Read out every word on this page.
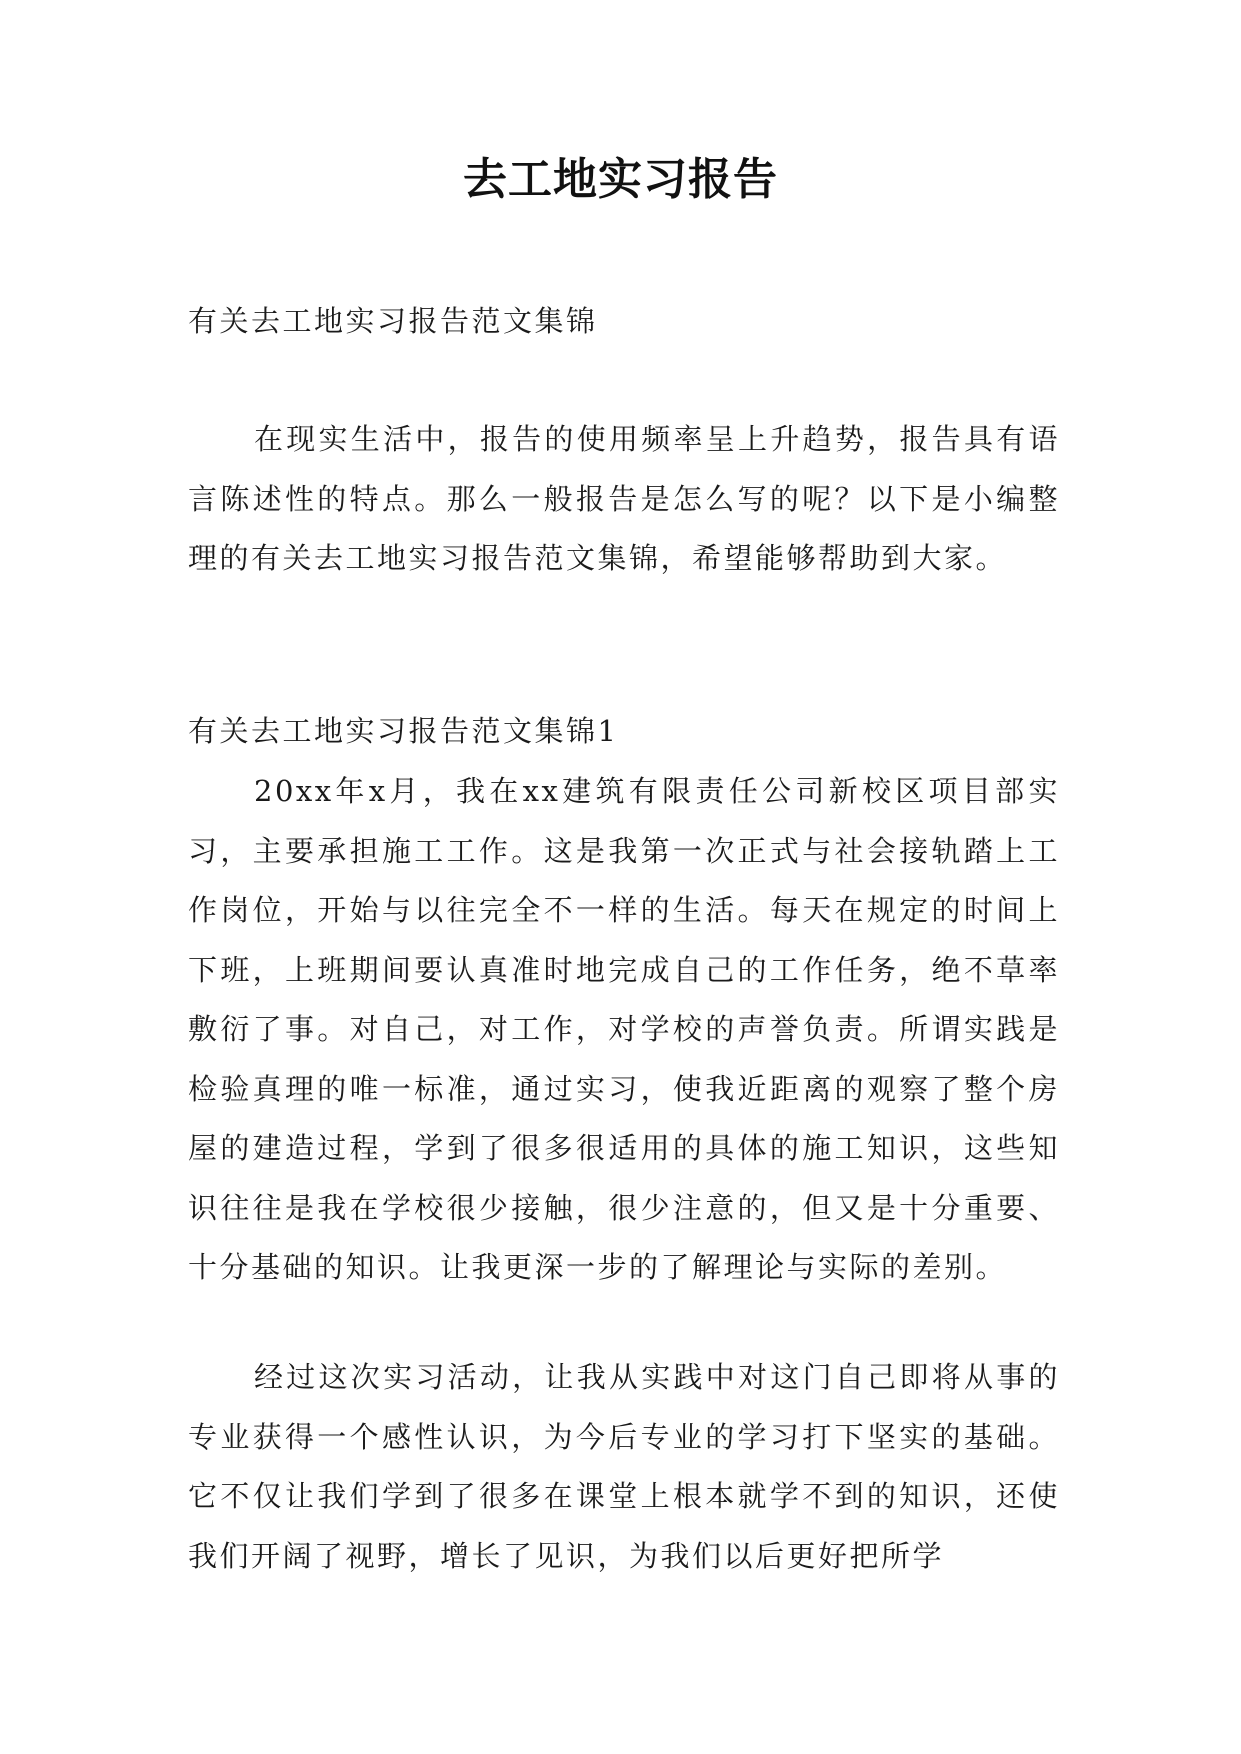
去工地实习报告

有关去工地实习报告范文集锦

在现实生活中，报告的使用频率呈上升趋势，报告具有语言陈述性的特点。那么一般报告是怎么写的呢？以下是小编整理的有关去工地实习报告范文集锦，希望能够帮助到大家。

有关去工地实习报告范文集锦1

20xx年x月，我在xx建筑有限责任公司新校区项目部实习，主要承担施工工作。这是我第一次正式与社会接轨踏上工作岗位，开始与以往完全不一样的生活。每天在规定的时间上下班，上班期间要认真准时地完成自己的工作任务，绝不草率敷衍了事。对自己，对工作，对学校的声誉负责。所谓实践是检验真理的唯一标准，通过实习，使我近距离的观察了整个房屋的建造过程，学到了很多很适用的具体的施工知识，这些知识往往是我在学校很少接触，很少注意的，但又是十分重要、十分基础的知识。让我更深一步的了解理论与实际的差别。

经过这次实习活动，让我从实践中对这门自己即将从事的专业获得一个感性认识，为今后专业的学习打下坚实的基础。它不仅让我们学到了很多在课堂上根本就学不到的知识，还使我们开阔了视野，增长了见识，为我们以后更好把所学
